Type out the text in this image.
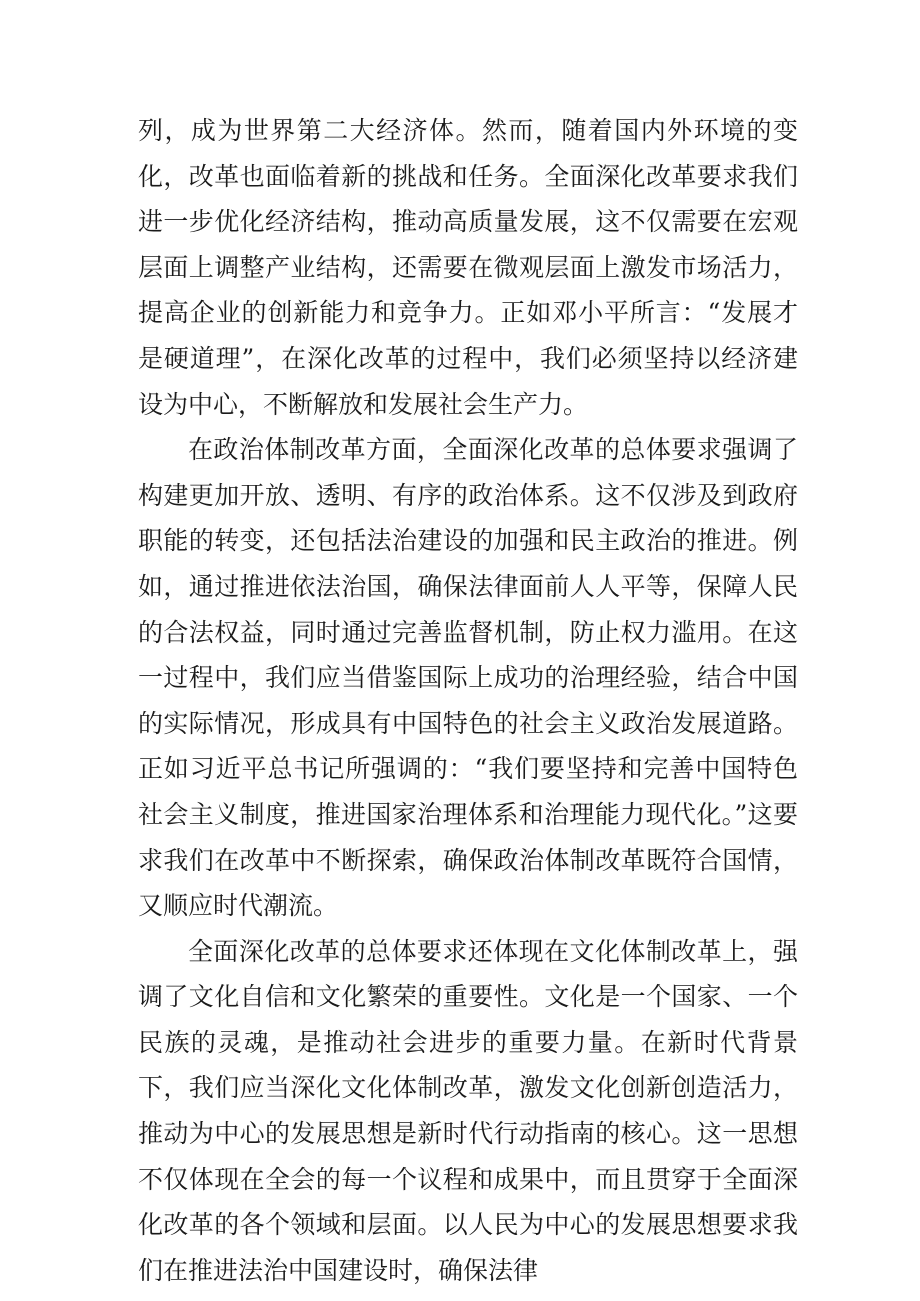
列，成为世界第二大经济体。然而，随着国内外环境的变化，改革也面临着新的挑战和任务。全面深化改革要求我们进一步优化经济结构，推动高质量发展，这不仅需要在宏观层面上调整产业结构，还需要在微观层面上激发市场活力，提高企业的创新能力和竞争力。正如邓小平所言：“发展才是硬道理”，在深化改革的过程中，我们必须坚持以经济建设为中心，不断解放和发展社会生产力。

在政治体制改革方面，全面深化改革的总体要求强调了构建更加开放、透明、有序的政治体系。这不仅涉及到政府职能的转变，还包括法治建设的加强和民主政治的推进。例如，通过推进依法治国，确保法律面前人人平等，保障人民的合法权益，同时通过完善监督机制，防止权力滥用。在这一过程中，我们应当借鉴国际上成功的治理经验，结合中国的实际情况，形成具有中国特色的社会主义政治发展道路。正如习近平总书记所强调的：“我们要坚持和完善中国特色社会主义制度，推进国家治理体系和治理能力现代化。”这要求我们在改革中不断探索，确保政治体制改革既符合国情，又顺应时代潮流。

全面深化改革的总体要求还体现在文化体制改革上，强调了文化自信和文化繁荣的重要性。文化是一个国家、一个民族的灵魂，是推动社会进步的重要力量。在新时代背景下，我们应当深化文化体制改革，激发文化创新创造活力，推动为中心的发展思想是新时代行动指南的核心。这一思想不仅体现在全会的每一个议程和成果中，而且贯穿于全面深化改革的各个领域和层面。以人民为中心的发展思想要求我们在推进法治中国建设时，确保法律
